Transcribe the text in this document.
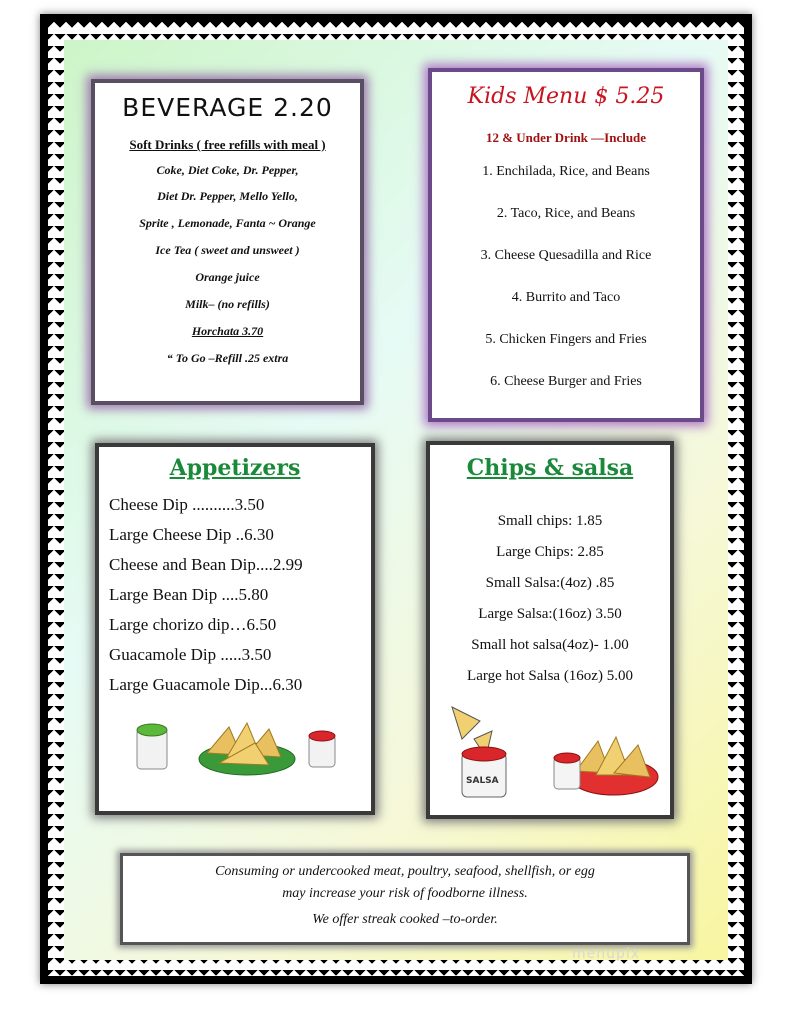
BEVERAGE 2.20
Soft Drinks ( free refills with meal )
Coke, Diet Coke, Dr. Pepper,
Diet Dr. Pepper, Mello Yello,
Sprite , Lemonade, Fanta ~ Orange
Ice Tea ( sweet and unsweet )
Orange juice
Milk– (no refills)
Horchata 3.70
“ To Go –Refill .25 extra
Kids Menu $ 5.25
12 & Under Drink —Include
1. Enchilada, Rice, and Beans
2. Taco, Rice, and Beans
3. Cheese Quesadilla and Rice
4. Burrito and Taco
5. Chicken Fingers and Fries
6. Cheese Burger and Fries
Appetizers
Cheese Dip ..........3.50
Large Cheese Dip ..6.30
Cheese and Bean Dip....2.99
Large Bean Dip ....5.80
Large chorizo dip…6.50
Guacamole Dip .....3.50
Large Guacamole Dip...6.30
Chips & salsa
Small chips: 1.85
Large Chips: 2.85
Small Salsa:(4oz) .85
Large Salsa:(16oz) 3.50
Small hot salsa(4oz)- 1.00
Large hot Salsa (16oz) 5.00
SALSA
Consuming or undercooked meat, poultry, seafood, shellfish, or egg
may increase your risk of foodborne illness.
We offer streak cooked –to-order.
menupix
